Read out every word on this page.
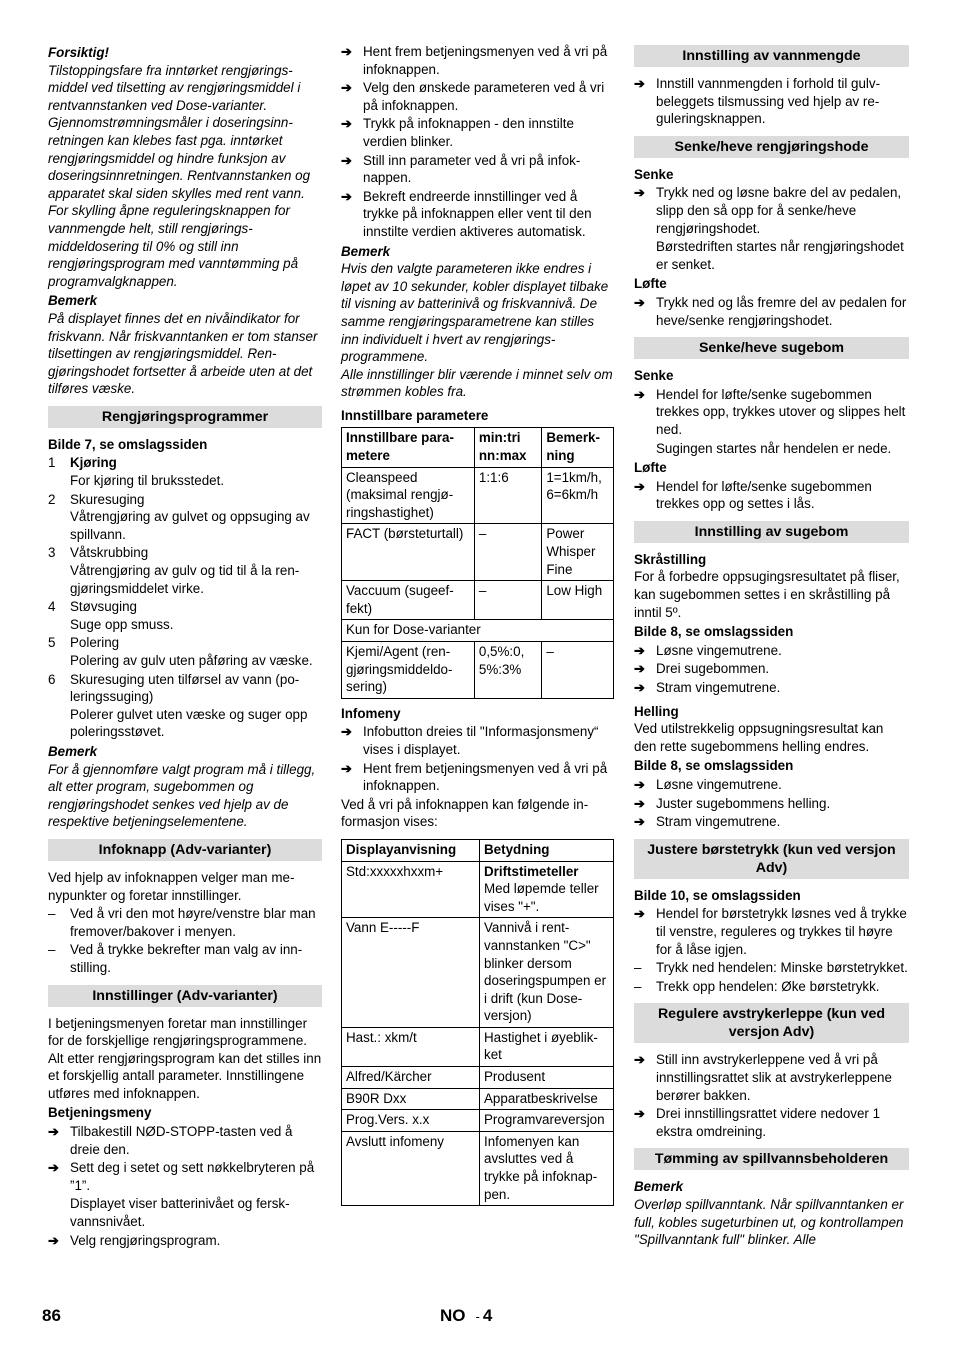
Forsiktig!

Tilstoppingsfare fra inntørket rengjøringsmiddel ved tilsetting av rengjøringsmiddel i rentvannstanken ved Dose-varianter. Gjennomstrømningsmåler i doseringsinnretningen kan klebes fast pga. inntørket rengjøringsmiddel og hindre funksjon av doseringsinnretningen. Rentvannstanken og apparatet skal siden skylles med rent vann. For skylling åpne reguleringsknappen for vannmengde helt, still rengjøringsmiddeldosering til 0% og still inn rengjøringsprogram med vanntømming på programvalgknappen.

Bemerk

På displayet finnes det en nivåindikator for friskvann. Når friskvanntanken er tom stanser tilsettingen av rengjøringsmiddel. Rengjøringshodet fortsetter å arbeide uten at det tilføres væske.

Rengjøringsprogrammer

Bilde 7, se omslagssiden

1	Kjøring
For kjøring til bruksstedet.
2	Skuresuging
Våtrengjøring av gulvet og oppsuging av spillvann.
3	Våtskrubbing
Våtrengjøring av gulv og tid til å la rengjøringsmiddelet virke.
4	Støvsuging
Suge opp smuss.
5	Polering
Polering av gulv uten påføring av væske.
6	Skuresuging uten tilførsel av vann (poleringssuging)
Polerer gulvet uten væske og suger opp poleringsstøvet.

Bemerk

For å gjennomføre valgt program må i tillegg, alt etter program, sugebommen og rengjøringshodet senkes ved hjelp av de respektive betjeningselementene.

Infoknapp (Adv-varianter)

Ved hjelp av infoknappen velger man menypunkter og foretar innstillinger.

–	Ved å vri den mot høyre/venstre blar man fremover/bakover i menyen.
–	Ved å trykke bekrefter man valg av innstilling.
Innstillinger (Adv-varianter)

I betjeningsmenyen foretar man innstillinger for de forskjellige rengjøringsprogrammene. Alt etter rengjøringsprogram kan det stilles inn et forskjellig antall parameter. Innstillingene utføres med infoknappen.

Betjeningsmeny

➔ Tilbakestill NØD-STOPP-tasten ved å dreie den.
➔ Sett deg i setet og sett nøkkelbryteren på ”1”.
Displayet viser batterinivået og ferskvannsnivået.
➔ Velg rengjøringsprogram.
➔ Hent frem betjeningsmenyen ved å vri på infoknappen.
➔ Velg den ønskede parameteren ved å vri på infoknappen.
➔ Trykk på infoknappen - den innstilte verdien blinker.
➔ Still inn parameter ved å vri på infoknappen.
➔ Bekreft endreerde innstillinger ved å trykke på infoknappen eller vent til den innstilte verdien aktiveres automatisk.

Bemerk

Hvis den valgte parameteren ikke endres i løpet av 10 sekunder, kobler displayet tilbake til visning av batterinivå og friskvannivå. De samme rengjøringsparametrene kan stilles inn individuelt i hvert av rengjøringsprogrammene.

Alle innstillinger blir værende i minnet selv om strømmen kobles fra.

Innstillbare parametere

Innstillbare parametere	min:tri nn:max	Bemerkning
Cleanspeed (maksimal rengjøringshastighet)	1:1:6	1=1km/h, 6=6km/h
FACT (børsteturtall)	–	Power Whisper Fine
Vaccuum (sugeeffekt)	–	Low High
Kun for Dose-varianter		
Kjemi/Agent (rengjøringsmiddeldosering)	0,5%:0, 5%:3%	–

Infomeny

➔ Infobutton dreies til "Informasjonsmeny“ vises i displayet.
➔ Hent frem betjeningsmenyen ved å vri på infoknappen.

Ved å vri på infoknappen kan følgende informasjon vises:

Displayanvisning	Betydning
Std:xxxxxhxxm+	Driftstimeteller
Med løpemde teller vises "+".

Vann E-----F	Vannivå i rentvannstanken "C>" blinker dersom doseringspumpen er i drift (kun Dose-versjon)
Hast.: xkm/t	Hastighet i øyeblikket
Alfred/Kärcher	Produsent
B90R Dxx	Apparatbeskrivelse
Prog.Vers. x.x	Programvareversjon
Avslutt infomeny	Infomenyen kan avsluttes ved å trykke på infoknappen.
Innstilling av vannmengde
➔ Innstill vannmengden i forhold til gulvbeleggets tilsmussing ved hjelp av reguleringsknappen.
Senke/heve rengjøringshode

Senke

➔ Trykk ned og løsne bakre del av pedalen, slipp den så opp for å senke/heve rengjøringshodet.
Børstedriften startes når rengjøringshodet er senket.

Løfte

➔ Trykk ned og lås fremre del av pedalen for heve/senke rengjøringshodet.
Senke/heve sugebom

Senke

➔ Hendel for løfte/senke sugebommen trekkes opp, trykkes utover og slippes helt ned.
Sugingen startes når hendelen er nede.

Løfte

➔ Hendel for løfte/senke sugebommen trekkes opp og settes i lås.
Innstilling av sugebom

Skråstilling

For å forbedre oppsugingsresultatet på fliser, kan sugebommen settes i en skråstilling på inntil 5º.

Bilde 8, se omslagssiden

➔ Løsne vingemutrene.
➔ Drei sugebommen.
➔ Stram vingemutrene.

Helling

Ved utilstrekkelig oppsugningsresultat kan den rette sugebommens helling endres.

Bilde 8, se omslagssiden

➔ Løsne vingemutrene.
➔ Juster sugebommens helling.
➔ Stram vingemutrene.
Justere børstetrykk (kun ved versjon Adv)

Bilde 10, se omslagssiden

➔ Hendel for børstetrykk løsnes ved å trykke til venstre, reguleres og trykkes til høyre for å låse igjen.
–	Trykk ned hendelen: Minske børstetrykket.
–	Trekk opp hendelen: Øke børstetrykk.
Regulere avstrykerleppe (kun ved versjon Adv)
➔ Still inn avstrykerleppene ved å vri på innstillingsrattet slik at avstrykerleppene berører bakken.
➔ Drei innstillingsrattet videre nedover 1 ekstra omdreining.
Tømming av spillvannsbeholderen

Bemerk

Overløp spillvanntank. Når spillvanntanken er full, kobles sugeturbinen ut, og kontrollampen "Spillvanntank full" blinker. Alle

86	NO - 4
